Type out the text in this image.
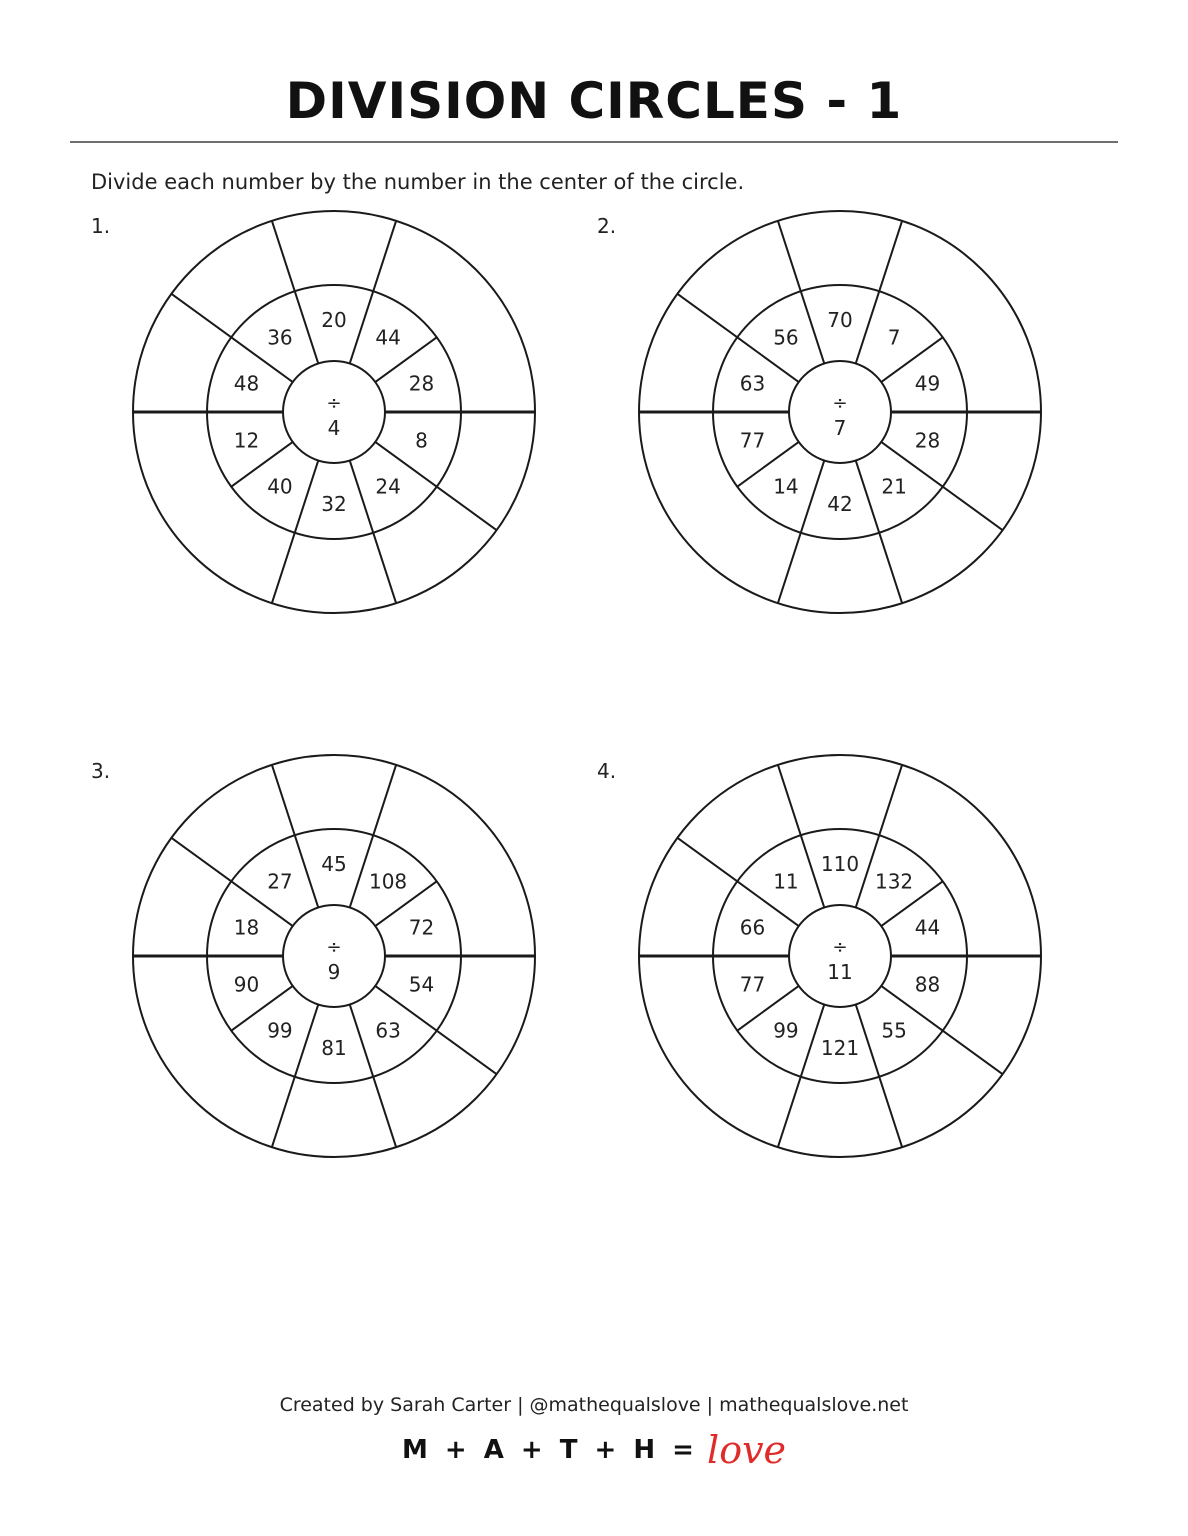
DIVISION CIRCLES - 1
Divide each number by the number in the center of the circle.
1.	2.
3.	4.
20
44
28
8
24
32
40
12
48
36
÷
4
70
7
49
28
21
42
14
77
63
56
÷
7
45
108
72
54
63
81
99
90
18
27
÷
9
110
132
44
88
55
121
99
77
66
11
÷
11
Created by Sarah Carter | @mathequalslove | mathequalslove.net
M + A + T + H = love
